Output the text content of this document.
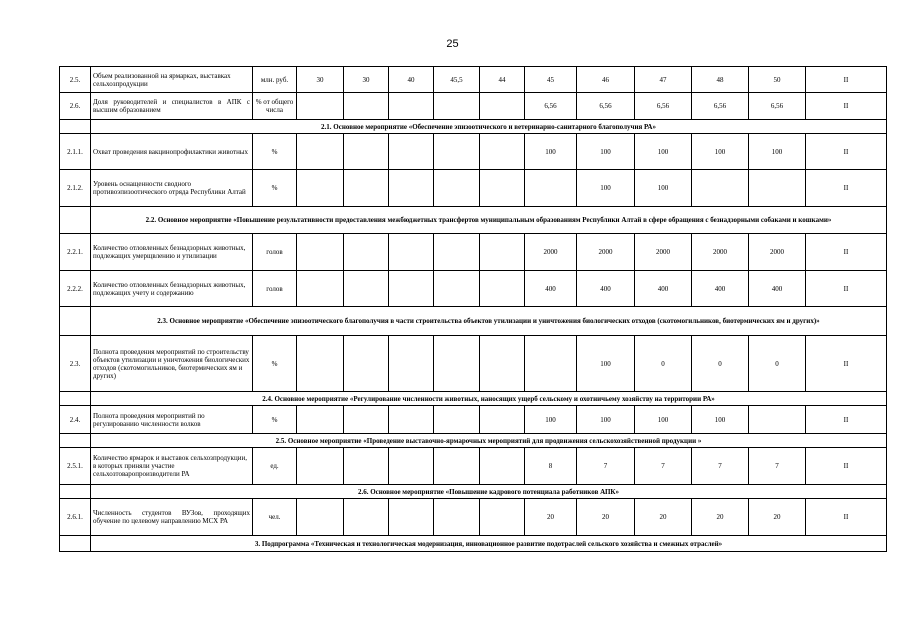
25
2.5.	Объем реализованной на ярмарках, выставках сельхозпродукции	млн. руб.	30	30	40	45,5	44	45	46	47	48	50	II
2.6.	Доля руководителей и специалистов в АПК с высшим образованием	% от общего числа						6,56	6,56	6,56	6,56	6,56	II
	2.1. Основное мероприятие «Обеспечение эпизоотического и ветеринарно-санитарного благополучия РА»												
2.1.1.	Охват проведения вакцинопрофилактики животных	%						100	100	100	100	100	II
2.1.2.	Уровень оснащенности сводного противоэпизоотического отряда Республики Алтай	%							100	100			II
	2.2. Основное мероприятие «Повышение результативности предоставления межбюджетных трансфертов муниципальным образованиям Республики Алтай в сфере обращения с безнадзорными собаками и кошками»												
2.2.1.	Количество отловленных безнадзорных животных, подлежащих умерщвлению и утилизации	голов						2000	2000	2000	2000	2000	II
2.2.2.	Количество отловленных безнадзорных животных, подлежащих учету и содержанию	голов						400	400	400	400	400	II
	2.3. Основное мероприятие «Обеспечение эпизоотического благополучия в части строительства объектов утилизации и уничтожения биологических отходов (скотомогильников, биотермических ям и других)»												
2.3.	Полнота проведения мероприятий по строительству объектов утилизации и уничтожения биологических отходов (скотомогильников, биотермических ям и других)	%							100	0	0	0	II
	2.4. Основное мероприятие «Регулирование численности животных, наносящих ущерб сельскому и охотничьему хозяйству на территории РА»												
2.4.	Полнота проведения мероприятий по регулированию численности волков	%						100	100	100	100		II
	2.5. Основное мероприятие «Проведение выставочно-ярмарочных мероприятий для продвижения сельскохозяйственной продукции »												
2.5.1.	Количество ярмарок и выставок сельхозпродукции, в которых приняли участие сельхозтоваропроизводители РА	ед.						8	7	7	7	7	II
	2.6. Основное мероприятие «Повышение кадрового потенциала работников АПК»												
2.6.1.	Численность студентов ВУЗов, проходящих обучение по целевому направлению МСХ РА	чел.						20	20	20	20	20	II
	3. Подпрограмма «Техническая и технологическая модернизация, инновационное развитие подотраслей сельского хозяйства и смежных отраслей»												
